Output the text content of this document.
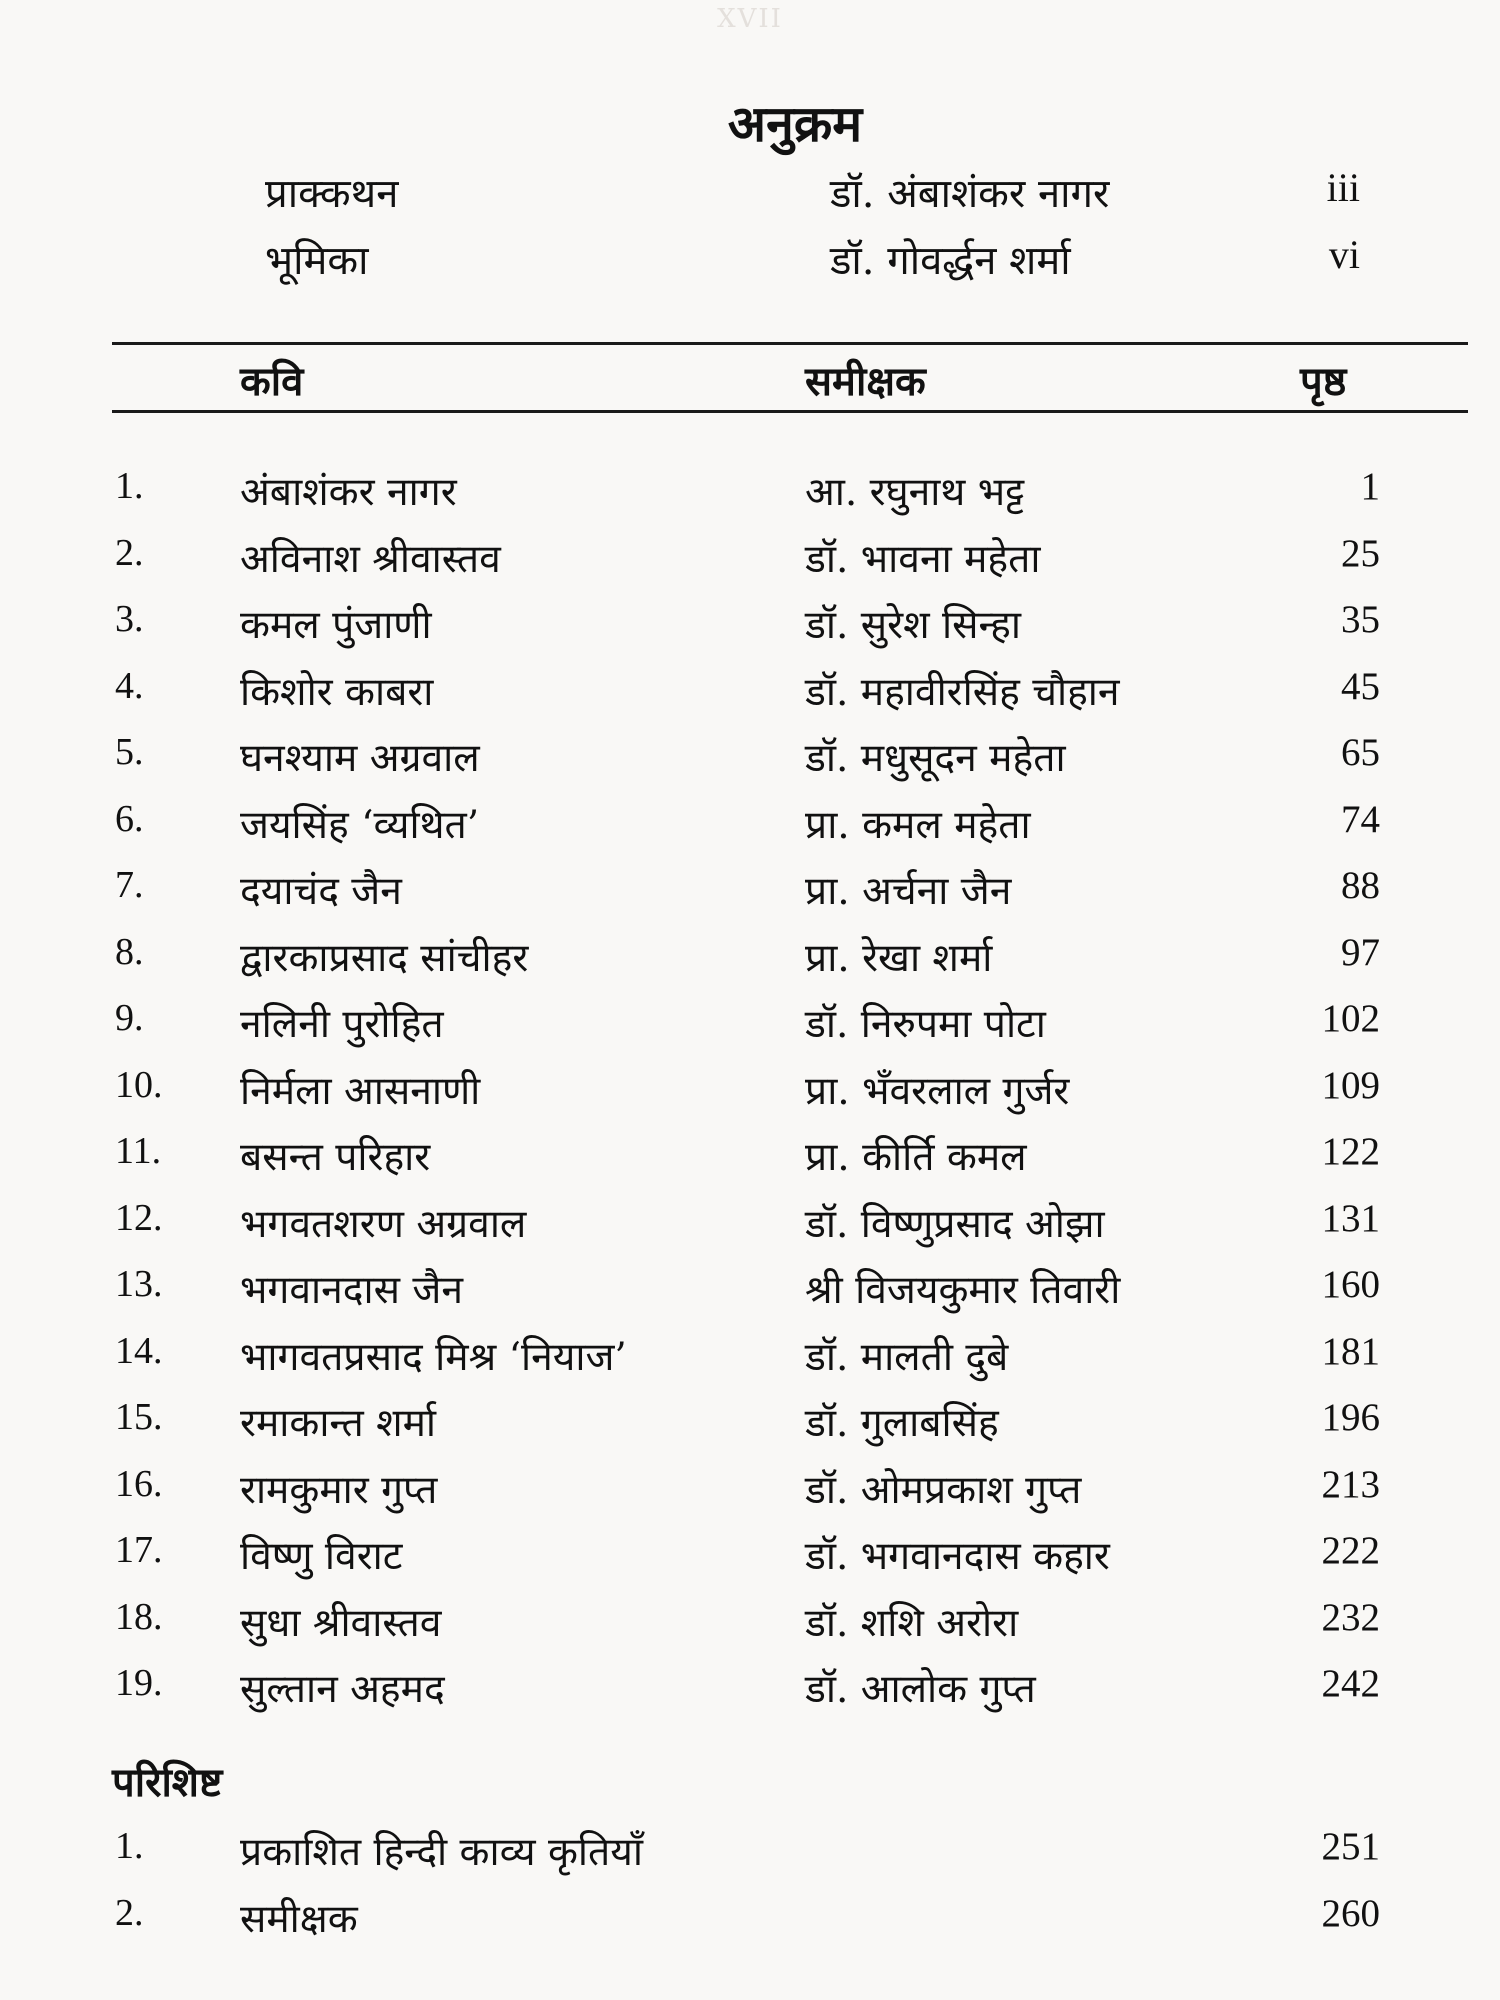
XVII
अनुक्रम
प्राक्कथन	डॉ. अंबाशंकर नागर	iii
भूमिका	डॉ. गोवर्द्धन शर्मा	vi
कवि	समीक्षक	पृष्ठ
1. अंबाशंकर नागर	आ. रघुनाथ भट्ट	1
2. अविनाश श्रीवास्तव	डॉ. भावना महेता	25
3. कमल पुंजाणी	डॉ. सुरेश सिन्हा	35
4. किशोर काबरा	डॉ. महावीरसिंह चौहान	45
5. घनश्याम अग्रवाल	डॉ. मधुसूदन महेता	65
6. जयसिंह ‘व्यथित’	प्रा. कमल महेता	74
7. दयाचंद जैन	प्रा. अर्चना जैन	88
8. द्वारकाप्रसाद सांचीहर	प्रा. रेखा शर्मा	97
9. नलिनी पुरोहित	डॉ. निरुपमा पोटा	102
10. निर्मला आसनाणी	प्रा. भँवरलाल गुर्जर	109
11. बसन्त परिहार	प्रा. कीर्ति कमल	122
12. भगवतशरण अग्रवाल	डॉ. विष्णुप्रसाद ओझा	131
13. भगवानदास जैन	श्री विजयकुमार तिवारी	160
14. भागवतप्रसाद मिश्र ‘नियाज’	डॉ. मालती दुबे	181
15. रमाकान्त शर्मा	डॉ. गुलाबसिंह	196
16. रामकुमार गुप्त	डॉ. ओमप्रकाश गुप्त	213
17. विष्णु विराट	डॉ. भगवानदास कहार	222
18. सुधा श्रीवास्तव	डॉ. शशि अरोरा	232
19. सुल्तान अहमद	डॉ. आलोक गुप्त	242
परिशिष्ट
1. प्रकाशित हिन्दी काव्य कृतियाँ	251
2. समीक्षक	260
